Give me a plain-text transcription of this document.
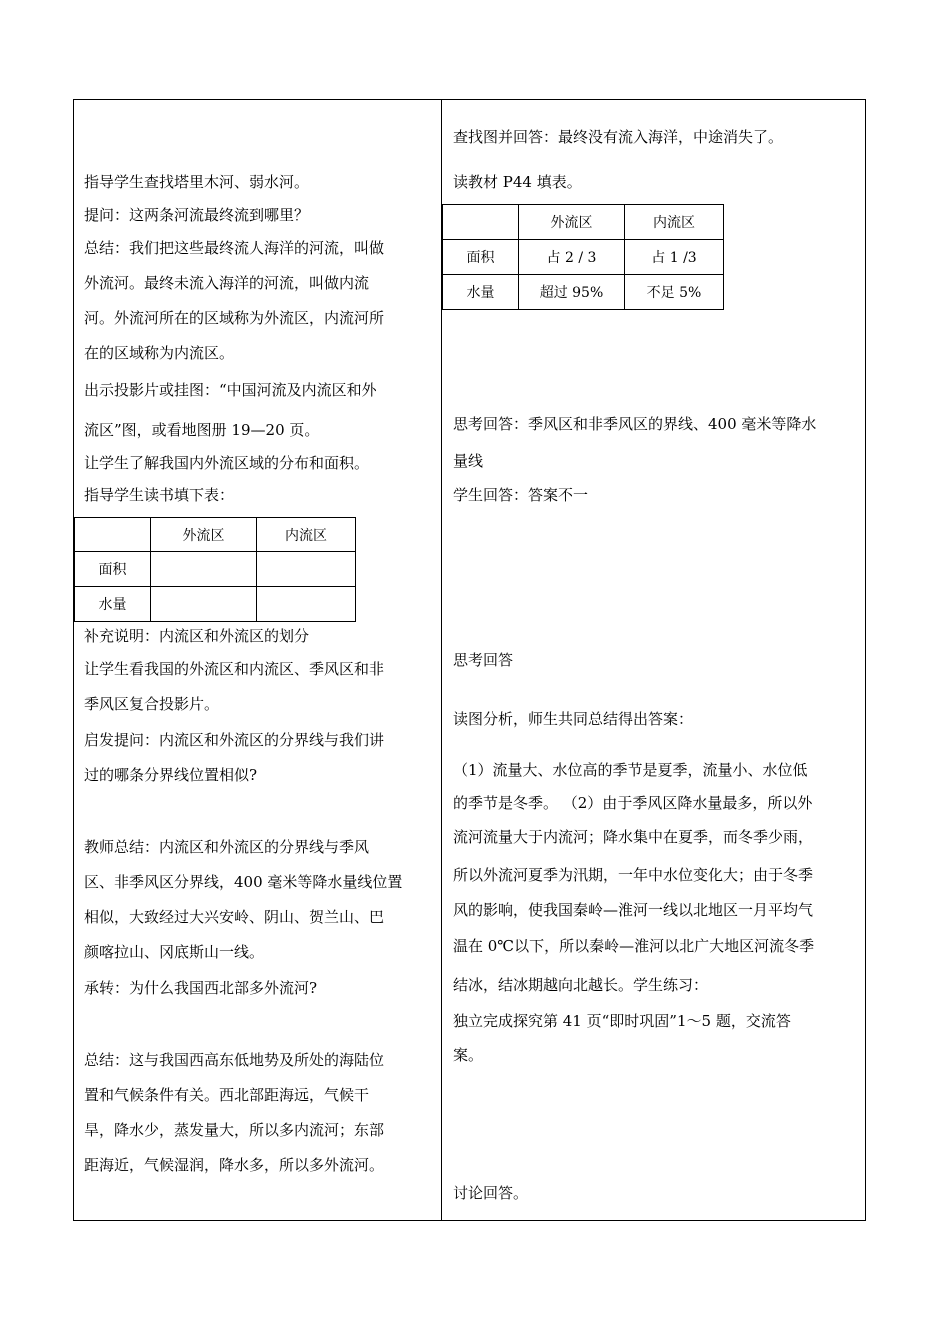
指导学生查找塔里木河、弱水河。
提问：这两条河流最终流到哪里？
总结：我们把这些最终流人海洋的河流，叫做
外流河。最终未流入海洋的河流，叫做内流
河。外流河所在的区域称为外流区，内流河所
在的区域称为内流区。
出示投影片或挂图：“中国河流及内流区和外
流区”图，或看地图册 19—20 页。
让学生了解我国内外流区域的分布和面积。
指导学生读书填下表：
	外流区	内流区
面积		
水量		
补充说明：内流区和外流区的划分
让学生看我国的外流区和内流区、季风区和非
季风区复合投影片。
启发提问：内流区和外流区的分界线与我们讲
过的哪条分界线位置相似?
教师总结：内流区和外流区的分界线与季风
区、非季风区分界线，400 毫米等降水量线位置
相似，大致经过大兴安岭、阴山、贺兰山、巴
颜喀拉山、冈底斯山一线。
承转：为什么我国西北部多外流河?
总结：这与我国西高东低地势及所处的海陆位
置和气候条件有关。西北部距海远，气候干
旱，降水少，蒸发量大，所以多内流河；东部
距海近，气候湿润，降水多，所以多外流河。
查找图并回答：最终没有流入海洋，中途消失了。
读教材 P44 填表。
	外流区	内流区
面积	占 2 / 3	占 1 /3
水量	超过 95%	不足 5%
思考回答：季风区和非季风区的界线、400 毫米等降水
量线
学生回答：答案不一
思考回答
读图分析，师生共同总结得出答案：
（1）流量大、水位高的季节是夏季，流量小、水位低
的季节是冬季。 （2）由于季风区降水量最多，所以外
流河流量大于内流河；降水集中在夏季，而冬季少雨，
所以外流河夏季为汛期，一年中水位变化大；由于冬季
风的影响，使我国秦岭—淮河一线以北地区一月平均气
温在 0℃以下，所以秦岭—淮河以北广大地区河流冬季
结冰，结冰期越向北越长。学生练习：
独立完成探究第 41 页“即时巩固”1～5 题，交流答
案。
讨论回答。
